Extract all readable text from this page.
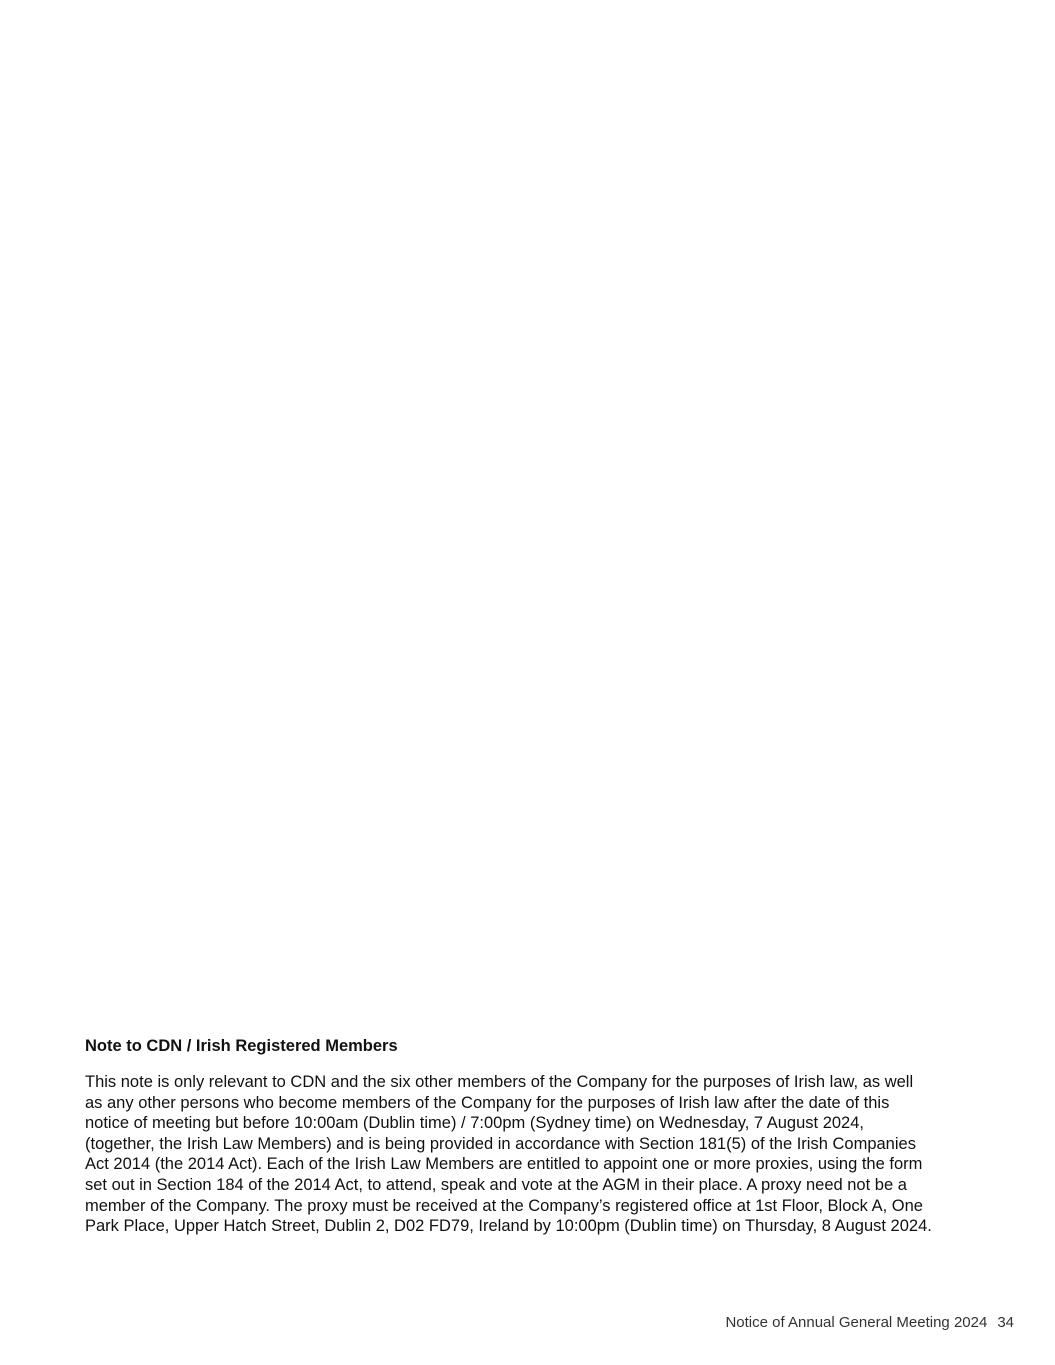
Note to CDN / Irish Registered Members

This note is only relevant to CDN and the six other members of the Company for the purposes of Irish law, as well as any other persons who become members of the Company for the purposes of Irish law after the date of this notice of meeting but before 10:00am (Dublin time) / 7:00pm (Sydney time) on Wednesday, 7 August 2024, (together, the Irish Law Members) and is being provided in accordance with Section 181(5) of the Irish Companies Act 2014 (the 2014 Act). Each of the Irish Law Members are entitled to appoint one or more proxies, using the form set out in Section 184 of the 2014 Act, to attend, speak and vote at the AGM in their place. A proxy need not be a member of the Company. The proxy must be received at the Company’s registered office at 1st Floor, Block A, One Park Place, Upper Hatch Street, Dublin 2, D02 FD79, Ireland by 10:00pm (Dublin time) on Thursday, 8 August 2024.

Notice of Annual General Meeting 2024 34
